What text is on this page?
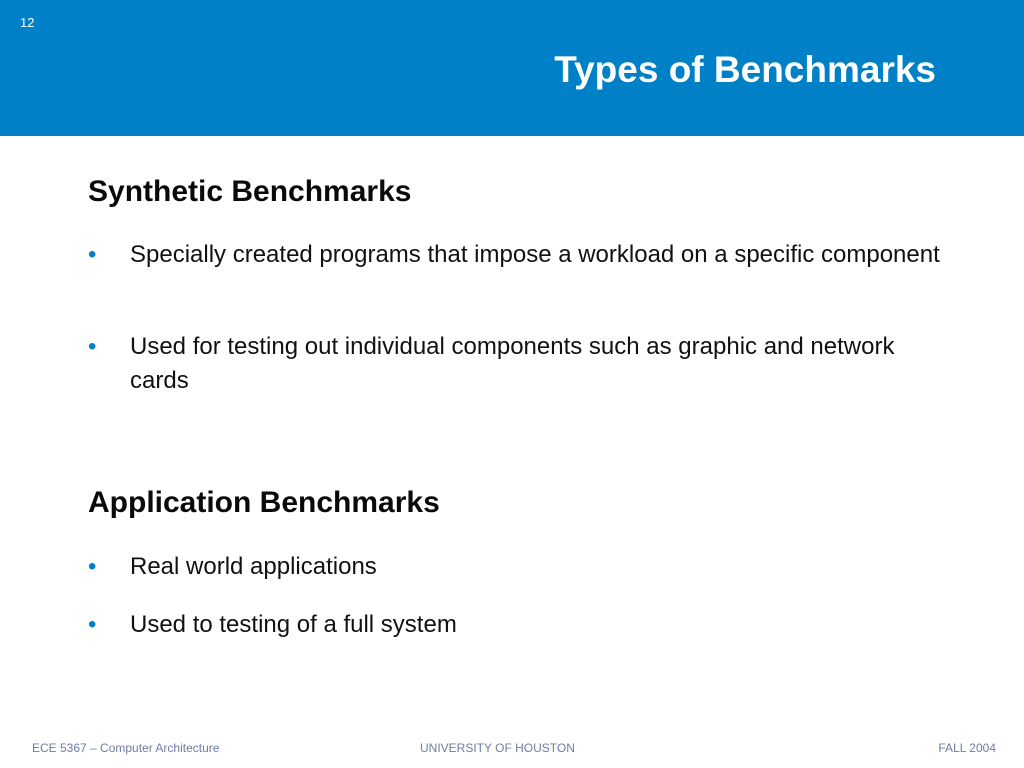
12
Types of Benchmarks
Synthetic Benchmarks
• Specially created programs that impose a workload on a specific component
• Used for testing out individual components such as graphic and network cards
Application Benchmarks
• Real world applications
• Used to testing of a full system
ECE 5367 – Computer Architecture	UNIVERSITY OF HOUSTON	FALL 2004
